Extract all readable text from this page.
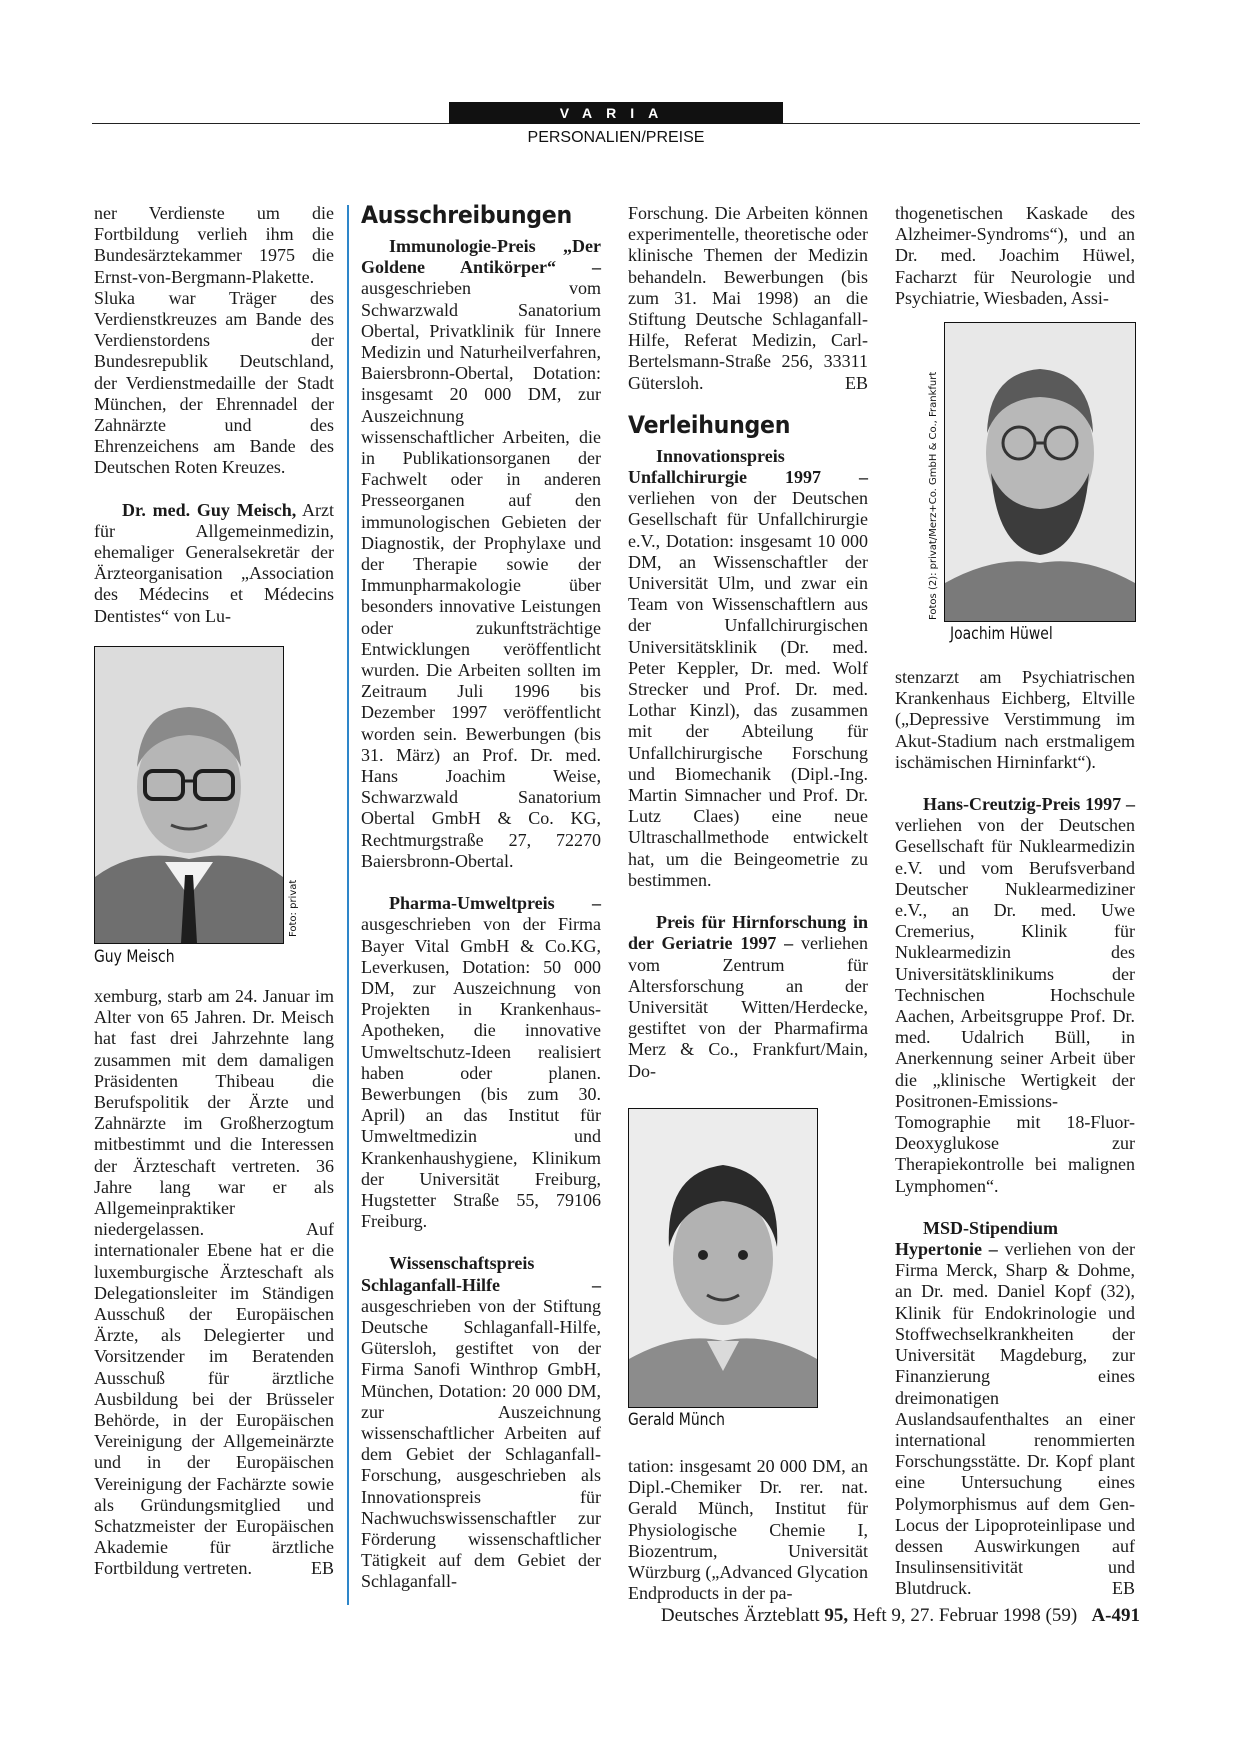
VARIA
PERSONALIEN/PREISE

ner Verdienste um die Fortbildung verlieh ihm die Bundesärztekammer 1975 die Ernst-von-Bergmann-Plakette. Sluka war Träger des Verdienstkreuzes am Bande des Verdienstordens der Bundesrepublik Deutschland, der Verdienstmedaille der Stadt München, der Ehrennadel der Zahnärzte und des Ehrenzeichens am Bande des Deutschen Roten Kreuzes.

Dr. med. Guy Meisch, Arzt für Allgemeinmedizin, ehemaliger Generalsekretär der Ärzteorganisation „Association des Médecins et Médecins Dentistes“ von Lu-

Foto: privat
Guy Meisch

xemburg, starb am 24. Januar im Alter von 65 Jahren. Dr. Meisch hat fast drei Jahrzehnte lang zusammen mit dem damaligen Präsidenten Thibeau die Berufspolitik der Ärzte und Zahnärzte im Großherzogtum mitbestimmt und die Interessen der Ärzteschaft vertreten. 36 Jahre lang war er als Allgemeinpraktiker niedergelassen. Auf internationaler Ebene hat er die luxemburgische Ärzteschaft als Delegationsleiter im Ständigen Ausschuß der Europäischen Ärzte, als Delegierter und Vorsitzender im Beratenden Ausschuß für ärztliche Ausbildung bei der Brüsseler Behörde, in der Europäischen Vereinigung der Allgemeinärzte und in der Europäischen Vereinigung der Fachärzte sowie als Gründungsmitglied und Schatzmeister der Europäischen Akademie für ärztliche Fortbildung vertreten.	EB

Ausschreibungen

Immunologie-Preis „Der Goldene Antikörper“ – ausgeschrieben vom Schwarzwald Sanatorium Obertal, Privatklinik für Innere Medizin und Naturheilverfahren, Baiersbronn-Obertal, Dotation: insgesamt 20 000 DM, zur Auszeichnung wissenschaftlicher Arbeiten, die in Publikationsorganen der Fachwelt oder in anderen Presseorganen auf den immunologischen Gebieten der Diagnostik, der Prophylaxe und der Therapie sowie der Immunpharmakologie über besonders innovative Leistungen oder zukunftsträchtige Entwicklungen veröffentlicht wurden. Die Arbeiten sollten im Zeitraum Juli 1996 bis Dezember 1997 veröffentlicht worden sein. Bewerbungen (bis 31. März) an Prof. Dr. med. Hans Joachim Weise, Schwarzwald Sanatorium Obertal GmbH & Co. KG, Rechtmurgstraße 27, 72270 Baiersbronn-Obertal.

Pharma-Umweltpreis – ausgeschrieben von der Firma Bayer Vital GmbH & Co.KG, Leverkusen, Dotation: 50 000 DM, zur Auszeichnung von Projekten in Krankenhaus-Apotheken, die innovative Umweltschutz-Ideen realisiert haben oder planen. Bewerbungen (bis zum 30. April) an das Institut für Umweltmedizin und Krankenhaushygiene, Klinikum der Universität Freiburg, Hugstetter Straße 55, 79106 Freiburg.

Wissenschaftspreis Schlaganfall-Hilfe – ausgeschrieben von der Stiftung Deutsche Schlaganfall-Hilfe, Gütersloh, gestiftet von der Firma Sanofi Winthrop GmbH, München, Dotation: 20 000 DM, zur Auszeichnung wissenschaftlicher Arbeiten auf dem Gebiet der Schlaganfall-Forschung, ausgeschrieben als Innovationspreis für Nachwuchswissenschaftler zur Förderung wissenschaftlicher Tätigkeit auf dem Gebiet der Schlaganfall-

Forschung. Die Arbeiten können experimentelle, theoretische oder klinische Themen der Medizin behandeln. Bewerbungen (bis zum 31. Mai 1998) an die Stiftung Deutsche Schlaganfall-Hilfe, Referat Medizin, Carl-Bertelsmann-Straße 256, 33311 Gütersloh.	EB

Verleihungen

Innovationspreis Unfallchirurgie 1997 – verliehen von der Deutschen Gesellschaft für Unfallchirurgie e.V., Dotation: insgesamt 10 000 DM, an Wissenschaftler der Universität Ulm, und zwar ein Team von Wissenschaftlern aus der Unfallchirurgischen Universitätsklinik (Dr. med. Peter Keppler, Dr. med. Wolf Strecker und Prof. Dr. med. Lothar Kinzl), das zusammen mit der Abteilung für Unfallchirurgische Forschung und Biomechanik (Dipl.-Ing. Martin Simnacher und Prof. Dr. Lutz Claes) eine neue Ultraschallmethode entwickelt hat, um die Beingeometrie zu bestimmen.

Preis für Hirnforschung in der Geriatrie 1997 – verliehen vom Zentrum für Altersforschung an der Universität Witten/Herdecke, gestiftet von der Pharmafirma Merz & Co., Frankfurt/Main, Do-

Gerald Münch

tation: insgesamt 20 000 DM, an Dipl.-Chemiker Dr. rer. nat. Gerald Münch, Institut für Physiologische Chemie I, Biozentrum, Universität Würzburg („Advanced Glycation Endproducts in der pa-

thogenetischen Kaskade des Alzheimer-Syndroms“), und an Dr. med. Joachim Hüwel, Facharzt für Neurologie und Psychiatrie, Wiesbaden, Assi-

Fotos (2): privat/Merz+Co. GmbH & Co., Frankfurt
Joachim Hüwel

stenzarzt am Psychiatrischen Krankenhaus Eichberg, Eltville („Depressive Verstimmung im Akut-Stadium nach erstmaligem ischämischen Hirninfarkt“).

Hans-Creutzig-Preis 1997 – verliehen von der Deutschen Gesellschaft für Nuklearmedizin e.V. und vom Berufsverband Deutscher Nuklearmediziner e.V., an Dr. med. Uwe Cremerius, Klinik für Nuklearmedizin des Universitätsklinikums der Technischen Hochschule Aachen, Arbeitsgruppe Prof. Dr. med. Udalrich Büll, in Anerkennung seiner Arbeit über die „klinische Wertigkeit der Positronen-Emissions-Tomographie mit 18-Fluor-Deoxyglukose zur Therapiekontrolle bei malignen Lymphomen“.

MSD-Stipendium Hypertonie – verliehen von der Firma Merck, Sharp & Dohme, an Dr. med. Daniel Kopf (32), Klinik für Endokrinologie und Stoffwechselkrankheiten der Universität Magdeburg, zur Finanzierung eines dreimonatigen Auslandsaufenthaltes an einer international renommierten Forschungsstätte. Dr. Kopf plant eine Untersuchung eines Polymorphismus auf dem Gen-Locus der Lipoproteinlipase und dessen Auswirkungen auf Insulinsensitivität und Blutdruck.	EB

Deutsches Ärzteblatt 95, Heft 9, 27. Februar 1998 (59) A-491
